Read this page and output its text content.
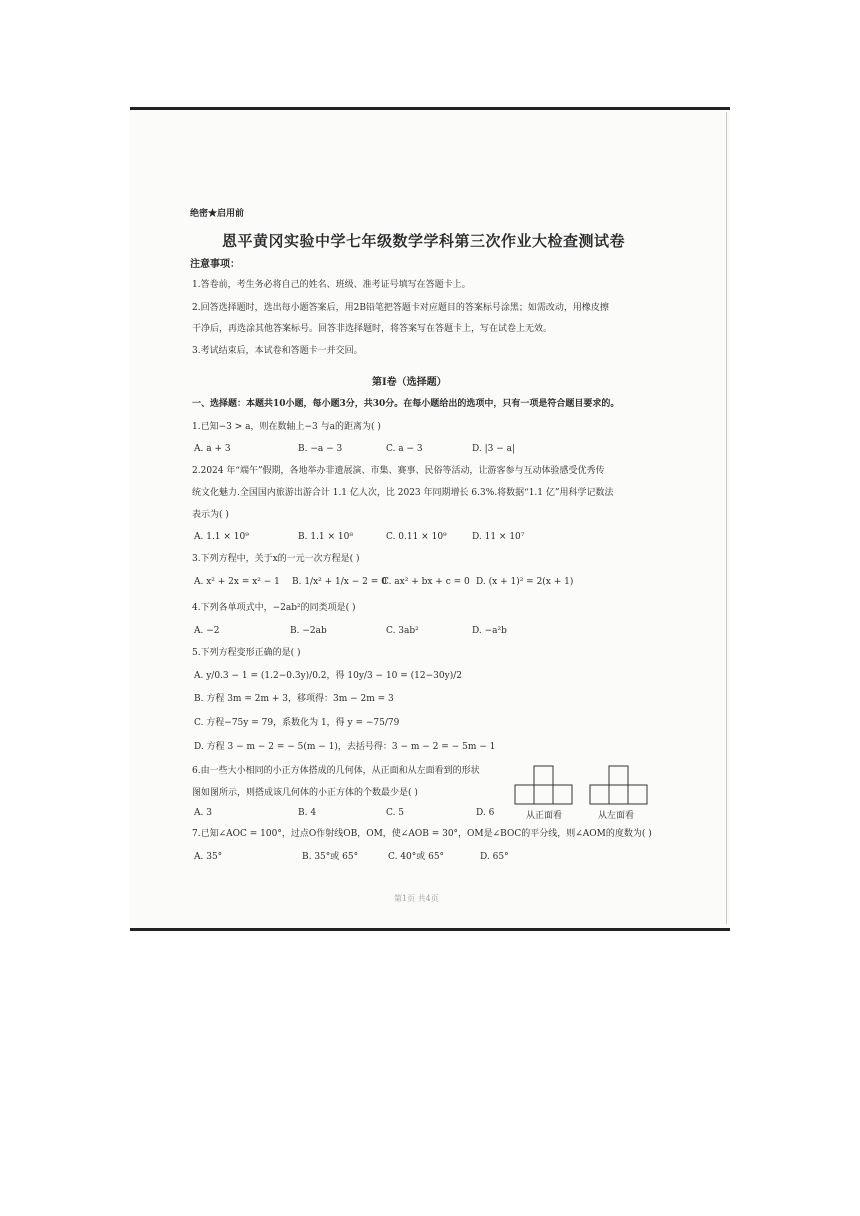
绝密★启用前
恩平黄冈实验中学七年级数学学科第三次作业大检查测试卷
注意事项：
1.答卷前，考生务必将自己的姓名、班级、准考证号填写在答题卡上。
2.回答选择题时，选出每小题答案后，用2B铅笔把答题卡对应题目的答案标号涂黑；如需改动，用橡皮擦
干净后，再选涂其他答案标号。回答非选择题时，将答案写在答题卡上，写在试卷上无效。
3.考试结束后，本试卷和答题卡一并交回。
第Ⅰ卷（选择题）
一、选择题：本题共10小题，每小题3分，共30分。在每小题给出的选项中，只有一项是符合题目要求的。
1.已知−3 > a，则在数轴上−3 与a的距离为( )
A. a + 3	B. −a − 3	C. a − 3	D. |3 − a|
2.2024 年“端午”假期，各地举办非遗展演、市集、赛事、民俗等活动，让游客参与互动体验感受优秀传
统文化魅力.全国国内旅游出游合计 1.1 亿人次，比 2023 年同期增长 6.3%.将数据“1.1 亿”用科学记数法
表示为( )
A. 1.1 × 10⁹	B. 1.1 × 10⁸	C. 0.11 × 10⁹	D. 11 × 10⁷
3.下列方程中，关于x的一元一次方程是( )
A. x² + 2x = x² − 1 B. 1/x² + 1/x − 2 = 0
C. ax² + bx + c = 0 D. (x + 1)² = 2(x + 1)
4.下列各单项式中，−2ab²的同类项是( )
A. −2	B. −2ab	C. 3ab²	D. −a²b
5.下列方程变形正确的是( )
A. y/0.3 − 1 = (1.2−0.3y)/0.2，得 10y/3 − 10 = (12−30y)/2
B. 方程 3m = 2m + 3，移项得：3m − 2m = 3
C. 方程−75y = 79，系数化为 1，得 y = −75/79
D. 方程 3 − m − 2 = − 5(m − 1)，去括号得：3 − m − 2 = − 5m − 1
6.由一些大小相同的小正方体搭成的几何体，从正面和从左面看到的形状
图如图所示，则搭成该几何体的小正方体的个数最少是( )
A. 3	B. 4	C. 5	D. 6	从正面看	从左面看
7.已知∠AOC = 100°，过点O作射线OB，OM，使∠AOB = 30°，OM是∠BOC的平分线，则∠AOM的度数为( )
A. 35°	B. 35°或 65°	C. 40°或 65°	D. 65°
第1页 共4页
